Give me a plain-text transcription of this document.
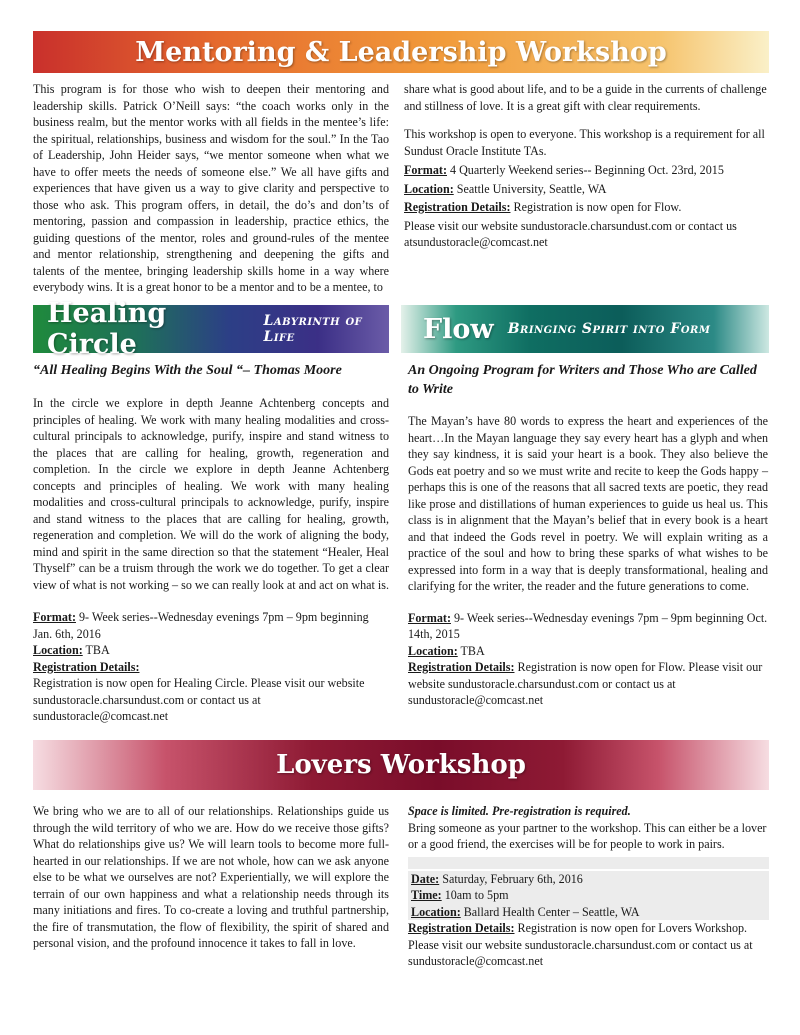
Mentoring & Leadership Workshop

This program is for those who wish to deepen their mentoring and leadership skills. Patrick O’Neill says: “the coach works only in the business realm, but the mentor works with all fields in the mentee’s life: the spiritual, relationships, business and wisdom for the soul.” In the Tao of Leadership, John Heider says, “we mentor someone when what we have to offer meets the needs of someone else.” We all have gifts and experiences that have given us a way to give clarity and perspective to those who ask. This program offers, in detail, the do’s and don’ts of mentoring, passion and compassion in leadership, practice ethics, the guiding questions of the mentor, roles and ground-rules of the mentee and mentor relationship, strengthening and deepening the gifts and talents of the mentee, bringing leadership skills home in a way where everybody wins. It is a great honor to be a mentor and to be a mentee, to

share what is good about life, and to be a guide in the currents of challenge and stillness of love. It is a great gift with clear requirements.

This workshop is open to everyone. This workshop is a requirement for all Sundust Oracle Institute TAs.

Format: 4 Quarterly Weekend series-- Beginning Oct. 23rd, 2015

Location: Seattle University, Seattle, WA

Registration Details: Registration is now open for Flow.

Please visit our website sundustoracle.charsundust.com or contact us atsundustoracle@comcast.net

Healing Circle
Labyrinth of Life	Flow Bringing Spirit into Form

“All Healing Begins With the Soul “– Thomas Moore

In the circle we explore in depth Jeanne Achtenberg concepts and principles of healing. We work with many healing modalities and cross-cultural principals to acknowledge, purify, inspire and stand witness to the places that are calling for healing, growth, regeneration and completion. In the circle we explore in depth Jeanne Achtenberg concepts and principles of healing. We work with many healing modalities and cross-cultural principals to acknowledge, purify, inspire and stand witness to the places that are calling for healing, growth, regeneration and completion. We will do the work of aligning the body, mind and spirit in the same direction so that the statement “Healer, Heal Thyself” can be a truism through the work we do together. To get a clear view of what is not working – so we can really look at and act on what is.

Format: 9- Week series--Wednesday evenings 7pm – 9pm beginning Jan. 6th, 2016

Location: TBA

Registration Details:

Registration is now open for Healing Circle. Please visit our website sundustoracle.charsundust.com or contact us at sundustoracle@comcast.net

An Ongoing Program for Writers and Those Who are Called to Write

The Mayan’s have 80 words to express the heart and experiences of the heart…In the Mayan language they say every heart has a glyph and when they say kindness, it is said your heart is a book. They also believe the Gods eat poetry and so we must write and recite to keep the Gods happy – perhaps this is one of the reasons that all sacred texts are poetic, they read like prose and distillations of human experiences to guide us heal us. This class is in alignment that the Mayan’s belief that in every book is a heart and that indeed the Gods revel in poetry. We will explain writing as a practice of the soul and how to bring these sparks of what wishes to be expressed into form in a way that is deeply transformational, healing and clarifying for the writer, the reader and the future generations to come.

Format: 9- Week series--Wednesday evenings 7pm – 9pm beginning Oct. 14th, 2015

Location: TBA

Registration Details: Registration is now open for Flow. Please visit our website sundustoracle.charsundust.com or contact us at sundustoracle@comcast.net

Lovers Workshop

We bring who we are to all of our relationships. Relationships guide us through the wild territory of who we are. How do we receive those gifts? What do relationships give us? We will learn tools to become more full-hearted in our relationships. If we are not whole, how can we ask anyone else to be what we ourselves are not? Experientially, we will explore the terrain of our own happiness and what a relationship needs through its many initiations and fires. To co-create a loving and truthful partnership, the fire of transmutation, the flow of flexibility, the spirit of shared and personal vision, and the profound innocence it takes to fall in love.

Space is limited. Pre-registration is required.

Bring someone as your partner to the workshop. This can either be a lover or a good friend, the exercises will be for people to work in pairs.

Date: Saturday, February 6th, 2016

Time: 10am to 5pm

Location: Ballard Health Center – Seattle, WA

Registration Details: Registration is now open for Lovers Workshop.

Please visit our website sundustoracle.charsundust.com or contact us at sundustoracle@comcast.net
